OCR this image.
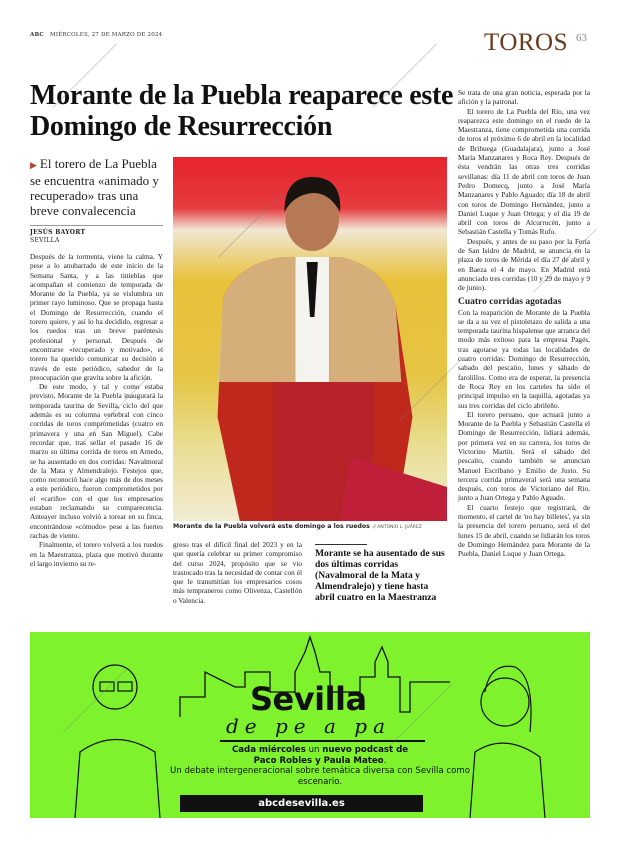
ABC MIÉRCOLES, 27 DE MARZO DE 2024	TOROS 63
Morante de la Puebla reaparece este Domingo de Resurrección
▶ El torero de La Puebla se encuentra «animado y recuperado» tras una breve convalecencia
JESÚS BAYORT
SEVILLA

Después de la tormenta, viene la calma. Y pese a lo anubarrado de este inicio de la Semana Santa, y a las tinieblas que acompañan el comienzo de temporada de Morante de la Puebla, ya se vislumbra un primer rayo luminoso. Que se propaga hasta el Domingo de Resurrección, cuando el torero quiere, y así lo ha decidido, regresar a los ruedos tras un breve paréntesis profesional y personal. Después de encontrarse «recuperado y motivado», el torero ha querido comunicar su decisión a través de este periódico, sabedor de la preocupación que gravita sobre la afición.

De este modo, y tal y como estaba previsto, Morante de la Puebla inaugurará la temporada taurina de Sevilla, ciclo del que además es su columna vertebral con cinco corridas de toros comprometidas (cuatro en primavera y una en San Miguel). Cabe recordar que, tras sellar el pasado 16 de marzo su última corrida de toros en Arnedo, se ha ausentado en dos corridas: Navalmoral de la Mata y Almendralejo. Festejos que, como reconoció hace algo más de dos meses a este periódico, fueron comprometidos por el «cariño» con el que los empresarios estaban reclamando su comparecencia. Anteayer incluso volvió a torear en su finca, encontrándose «cómodo» pese a las fuertes rachas de viento.

Finalmente, el torero volverá a los ruedos en la Maestranza, plaza que motivó durante el largo invierno su re-

Morante de la Puebla volverá este domingo a los ruedos // ANTONIO L. JUÁREZ

greso tras el difícil final del 2023 y en la que quería celebrar su primer compromiso del curso 2024, propósito que se vio trastocado tras la necesidad de contar con él que le transmitían los empresarios cosos más tempraneros como Olivenza, Castellón o Valencia.

Morante se ha ausentado de sus dos últimas corridas (Navalmoral de la Mata y Almendralejo) y tiene hasta abril cuatro en la Maestranza

Se trata de una gran noticia, esperada por la afición y la patronal.

El torero de La Puebla del Río, una vez reaparezca este domingo en el ruedo de la Maestranza, tiene comprometida una corrida de toros el próximo 6 de abril en la localidad de Brihuega (Guadalajara), junto a José María Manzanares y Roca Rey. Después de ésta vendrán las otras tres corridas sevillanas: día 11 de abril con toros de Juan Pedro Domecq, junto a José María Manzanares y Pablo Aguado; día 18 de abril con toros de Domingo Hernández, junto a Daniel Luque y Juan Ortega; y el día 19 de abril con toros de Alcurrucén, junto a Sebastián Castella y Tomás Rufo.

Después, y antes de su paso por la Feria de San Isidro de Madrid, se anuncia en la plaza de toros de Mérida el día 27 de abril y en Baeza el 4 de mayo. En Madrid está anunciado tres corridas (10 y 29 de mayo y 9 de junio).

Cuatro corridas agotadas

Con la reaparición de Morante de la Puebla se da a su vez el pistoletazo de salida a una temporada taurina hispalense que arranca del modo más exitoso para la empresa Pagés, tras agotarse ya todas las localidades de cuatro corridas: Domingo de Resurrección, sabado del pescaíto, lunes y sábado de farolillos. Como era de esperar, la presencia de Roca Rey en los carteles ha sido el principal impulso en la taquilla, agotadas ya sus tres corridas del ciclo abrileño.

El torero peruano, que actuará junto a Morante de la Puebla y Sebastián Castella el Domingo de Resurrección, lidiará además, por primera vez en su carrera, los toros de Victorino Martín. Será el sábado del pescaíto, cuando también se anuncian Manuel Escribano y Emilio de Justo. Su tercera corrida primaveral será una semana después, con toros de Victoriano del Río, junto a Juan Ortega y Pablo Aguado.

El cuarto festejo que registrará, de momento, el cartel de 'no hay billetes', ya sin la presencia del torero peruano, será el del lunes 15 de abril, cuando se lidiarán los toros de Domingo Hernández para Morante de la Puebla, Daniel Luque y Juan Ortega.

Sevilla
de pe a pa
Cada miércoles un nuevo podcast de
Paco Robles y Paula Mateo.
Un debate intergeneracional sobre temática diversa con Sevilla como escenario.
abcdesevilla.es
